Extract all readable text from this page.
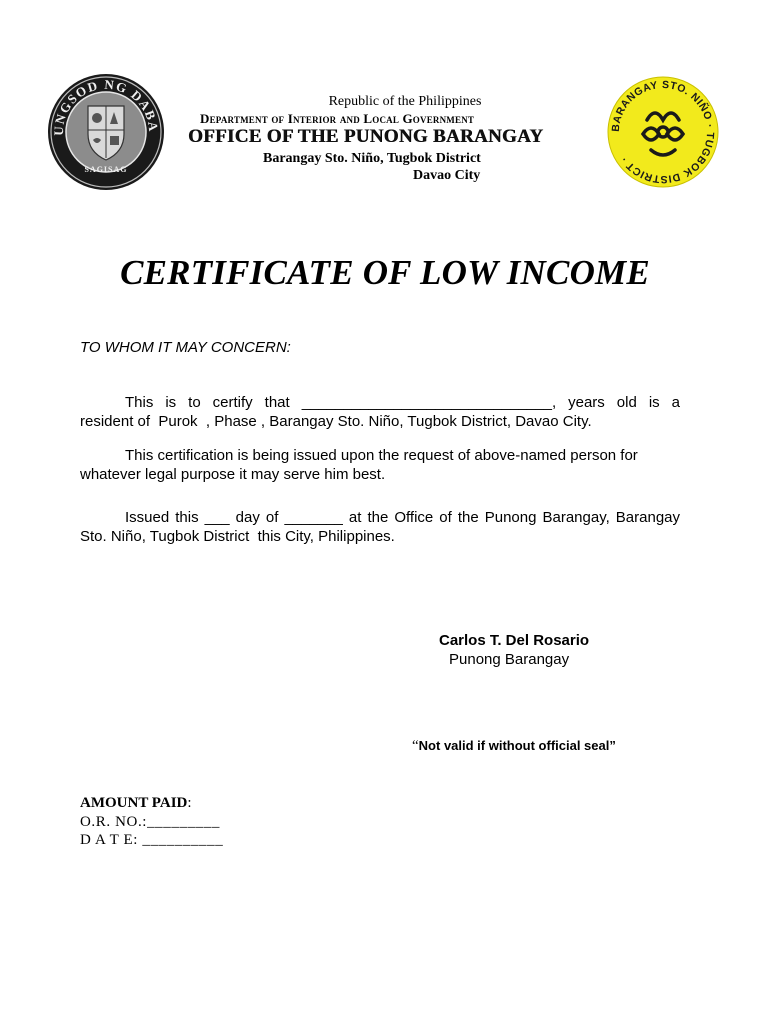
UNGSOD NG DABA
SAGISAG
BARANGAY STO. NIÑO · TUGBOK DISTRICT ·
Republic of the Philippines
Department of Interior and Local Government
OFFICE OF THE PUNONG BARANGAY
Barangay Sto. Niño, Tugbok District
Davao City
CERTIFICATE OF LOW INCOME
TO WHOM IT MAY CONCERN:
This is to certify that ______________________________, years old is a
resident of  Purok  , Phase , Barangay Sto. Niño, Tugbok District, Davao City.
This certification is being issued upon the request of above-named person for
whatever legal purpose it may serve him best.
Issued this ___ day of _______ at the Office of the Punong Barangay, Barangay
Sto. Niño, Tugbok District  this City, Philippines.
Carlos T. Del Rosario
Punong Barangay
“Not valid if without official seal”
AMOUNT PAID:
O.R. NO.:_________
D A T E: __________
